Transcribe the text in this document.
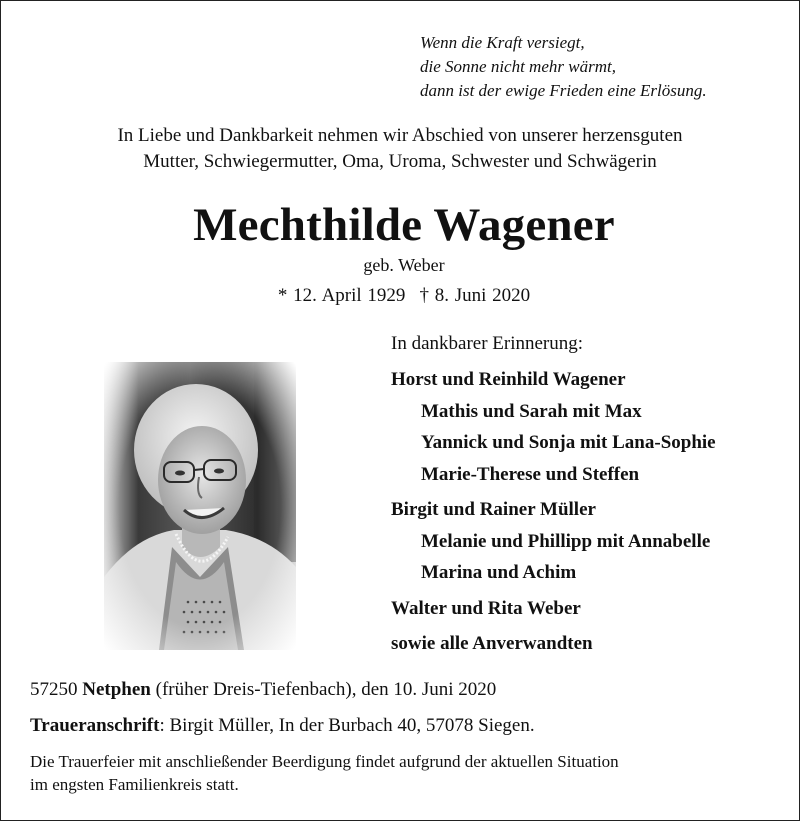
Wenn die Kraft versiegt,
die Sonne nicht mehr wärmt,
dann ist der ewige Frieden eine Erlösung.
In Liebe und Dankbarkeit nehmen wir Abschied von unserer herzensguten
Mutter, Schwiegermutter, Oma, Uroma, Schwester und Schwägerin
Mechthilde Wagener
geb. Weber
* 12. April 1929 † 8. Juni 2020
In dankbarer Erinnerung:
Horst und Reinhild Wagener
Mathis und Sarah mit Max
Yannick und Sonja mit Lana-Sophie
Marie-Therese und Steffen
Birgit und Rainer Müller
Melanie und Phillipp mit Annabelle
Marina und Achim
Walter und Rita Weber
sowie alle Anverwandten
57250 Netphen (früher Dreis-Tiefenbach), den 10. Juni 2020
Traueranschrift: Birgit Müller, In der Burbach 40, 57078 Siegen.
Die Trauerfeier mit anschließender Beerdigung findet aufgrund der aktuellen Situation
im engsten Familienkreis statt.
